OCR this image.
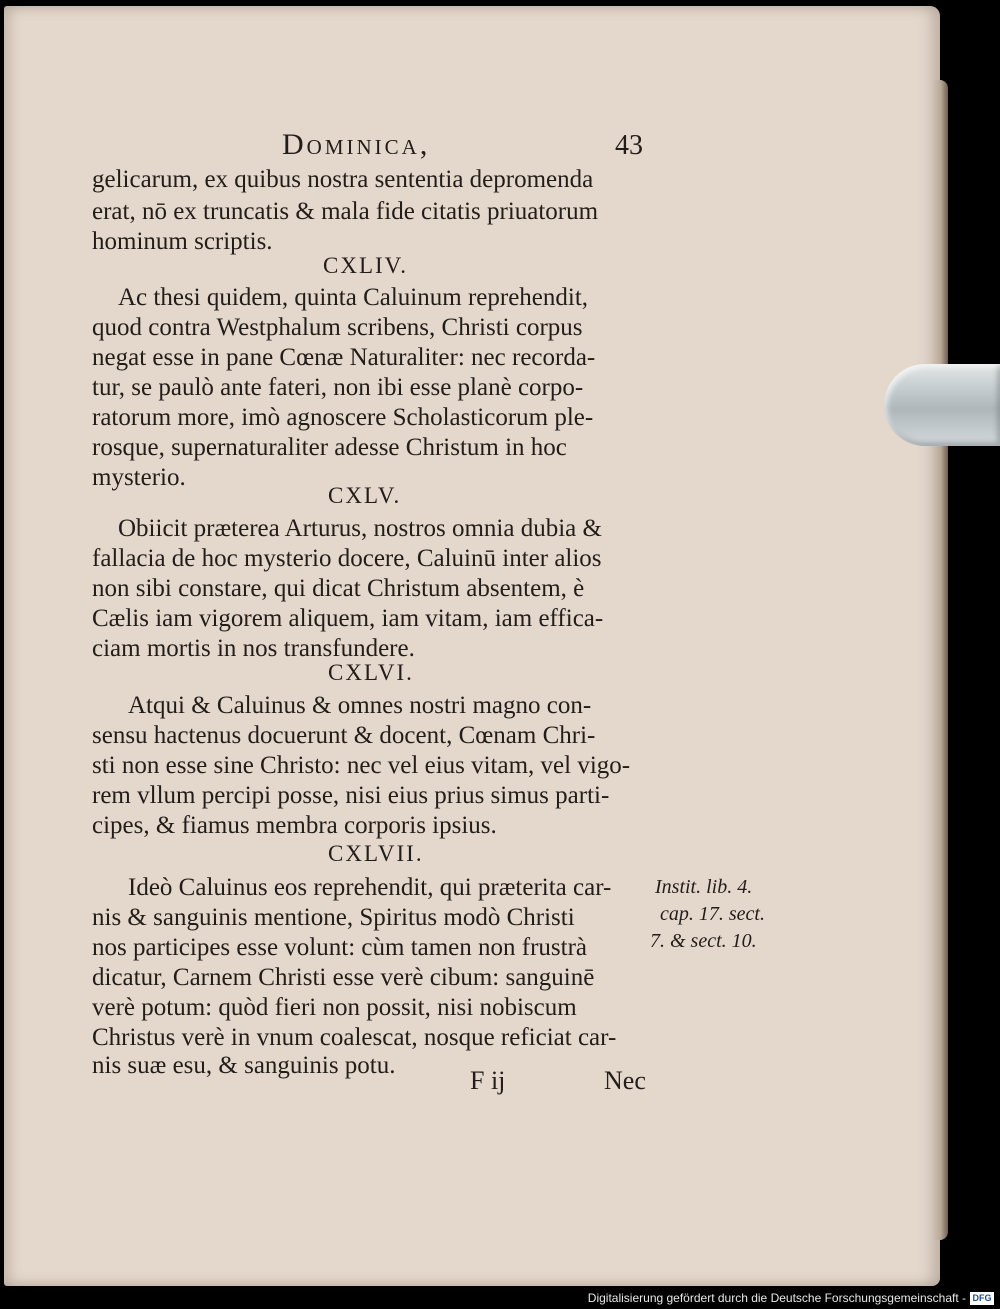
Dominica,	43
gelicarum, ex quibus nostra sententia depromenda
erat, nō ex truncatis & mala fide citatis priuatorum
hominum scriptis.
CXLIV.
Ac thesi quidem, quinta Caluinum reprehendit,
quod contra Westphalum scribens, Christi corpus
negat esse in pane Cœnæ Naturaliter: nec recorda-
tur, se paulò ante fateri, non ibi esse planè corpo-
ratorum more, imò agnoscere Scholasticorum ple-
rosque, supernaturaliter adesse Christum in hoc
mysterio.
CXLV.
Obiicit præterea Arturus, nostros omnia dubia &
fallacia de hoc mysterio docere, Caluinū inter alios
non sibi constare, qui dicat Christum absentem, è
Cælis iam vigorem aliquem, iam vitam, iam effica-
ciam mortis in nos transfundere.
CXLVI.
Atqui & Caluinus & omnes nostri magno con-
sensu hactenus docuerunt & docent, Cœnam Chri-
sti non esse sine Christo: nec vel eius vitam, vel vigo-
rem vllum percipi posse, nisi eius prius simus parti-
cipes, & fiamus membra corporis ipsius.
CXLVII.
Ideò Caluinus eos reprehendit, qui præterita car-
nis & sanguinis mentione, Spiritus modò Christi
nos participes esse volunt: cùm tamen non frustrà
dicatur, Carnem Christi esse verè cibum: sanguinē
verè potum: quòd fieri non possit, nisi nobiscum
Christus verè in vnum coalescat, nosque reficiat car-
nis suæ esu, & sanguinis potu.
Instit. lib. 4.
cap. 17. sect.
7. & sect. 10.
F ij	Nec
Digitalisierung gefördert durch die Deutsche Forschungsgemeinschaft - DFG
